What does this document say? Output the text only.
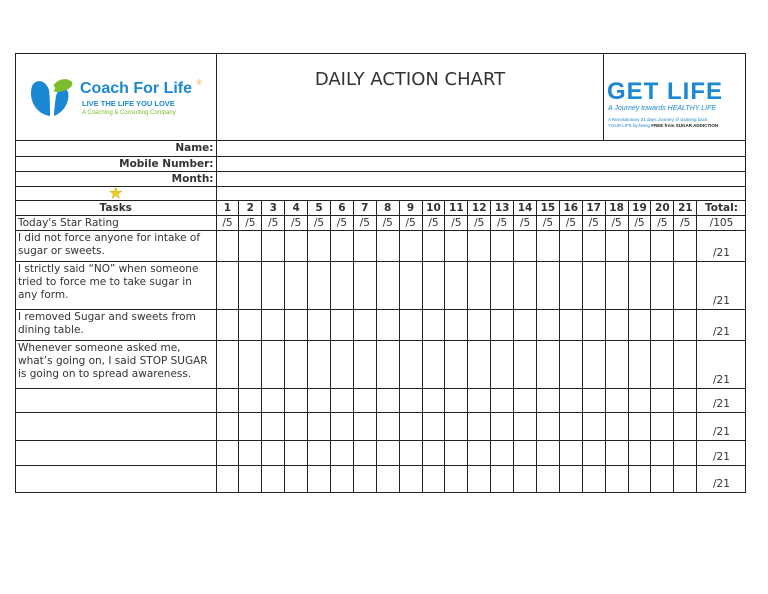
Coach For Life ®
LIVE THE LIFE YOU LOVE
A Coaching & Consulting Company
DAILY ACTION CHART	GET LIFE
A Journey towards HEALTHY LIFE
A Revolutionary 21 days Journey of claiming back
YOUR LIFE by being FREE from SUGAR ADDICTION
Name:																						
Mobile Number:																						
Month:																						
★																						
Tasks	1	2	3	4	5	6	7	8	9	10	11	12	13	14	15	16	17	18	19	20	21	Total:
Today's Star Rating	/5	/5	/5	/5	/5	/5	/5	/5	/5	/5	/5	/5	/5	/5	/5	/5	/5	/5	/5	/5	/5	/105
I did not force anyone for intake of sugar or sweets.																						/21
I strictly said “NO” when someone tried to force me to take sugar in any form.																						/21
I removed Sugar and sweets from dining table.																						/21
Whenever someone asked me, what’s going on, I said STOP SUGAR is going on to spread awareness.																						/21
																						/21
																						/21
																						/21
																						/21
